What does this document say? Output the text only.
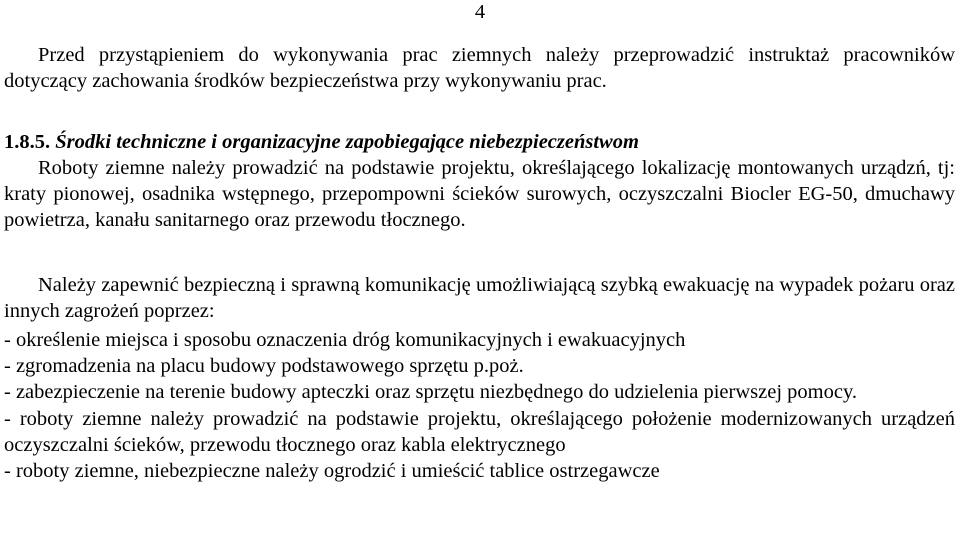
4

Przed przystąpieniem do wykonywania prac ziemnych należy przeprowadzić instruktaż pracowników dotyczący zachowania środków bezpieczeństwa przy wykonywaniu prac.

1.8.5. Środki techniczne i organizacyjne zapobiegające niebezpieczeństwom

Roboty ziemne należy prowadzić na podstawie projektu, określającego lokalizację montowanych urządzń, tj: kraty pionowej, osadnika wstępnego, przepompowni ścieków surowych, oczyszczalni Biocler EG-50, dmuchawy powietrza, kanału sanitarnego oraz przewodu tłocznego.

Należy zapewnić bezpieczną i sprawną komunikację umożliwiającą szybką ewakuację na wypadek pożaru oraz innych zagrożeń poprzez:

- określenie miejsca i sposobu oznaczenia dróg komunikacyjnych i ewakuacyjnych
- zgromadzenia na placu budowy podstawowego sprzętu p.poż.
- zabezpieczenie na terenie budowy apteczki oraz sprzętu niezbędnego do udzielenia pierwszej pomocy.
- roboty ziemne należy prowadzić na podstawie projektu, określającego położenie modernizowanych urządzeń oczyszczalni ścieków, przewodu tłocznego oraz kabla elektrycznego
- roboty ziemne, niebezpieczne należy ogrodzić i umieścić tablice ostrzegawcze
